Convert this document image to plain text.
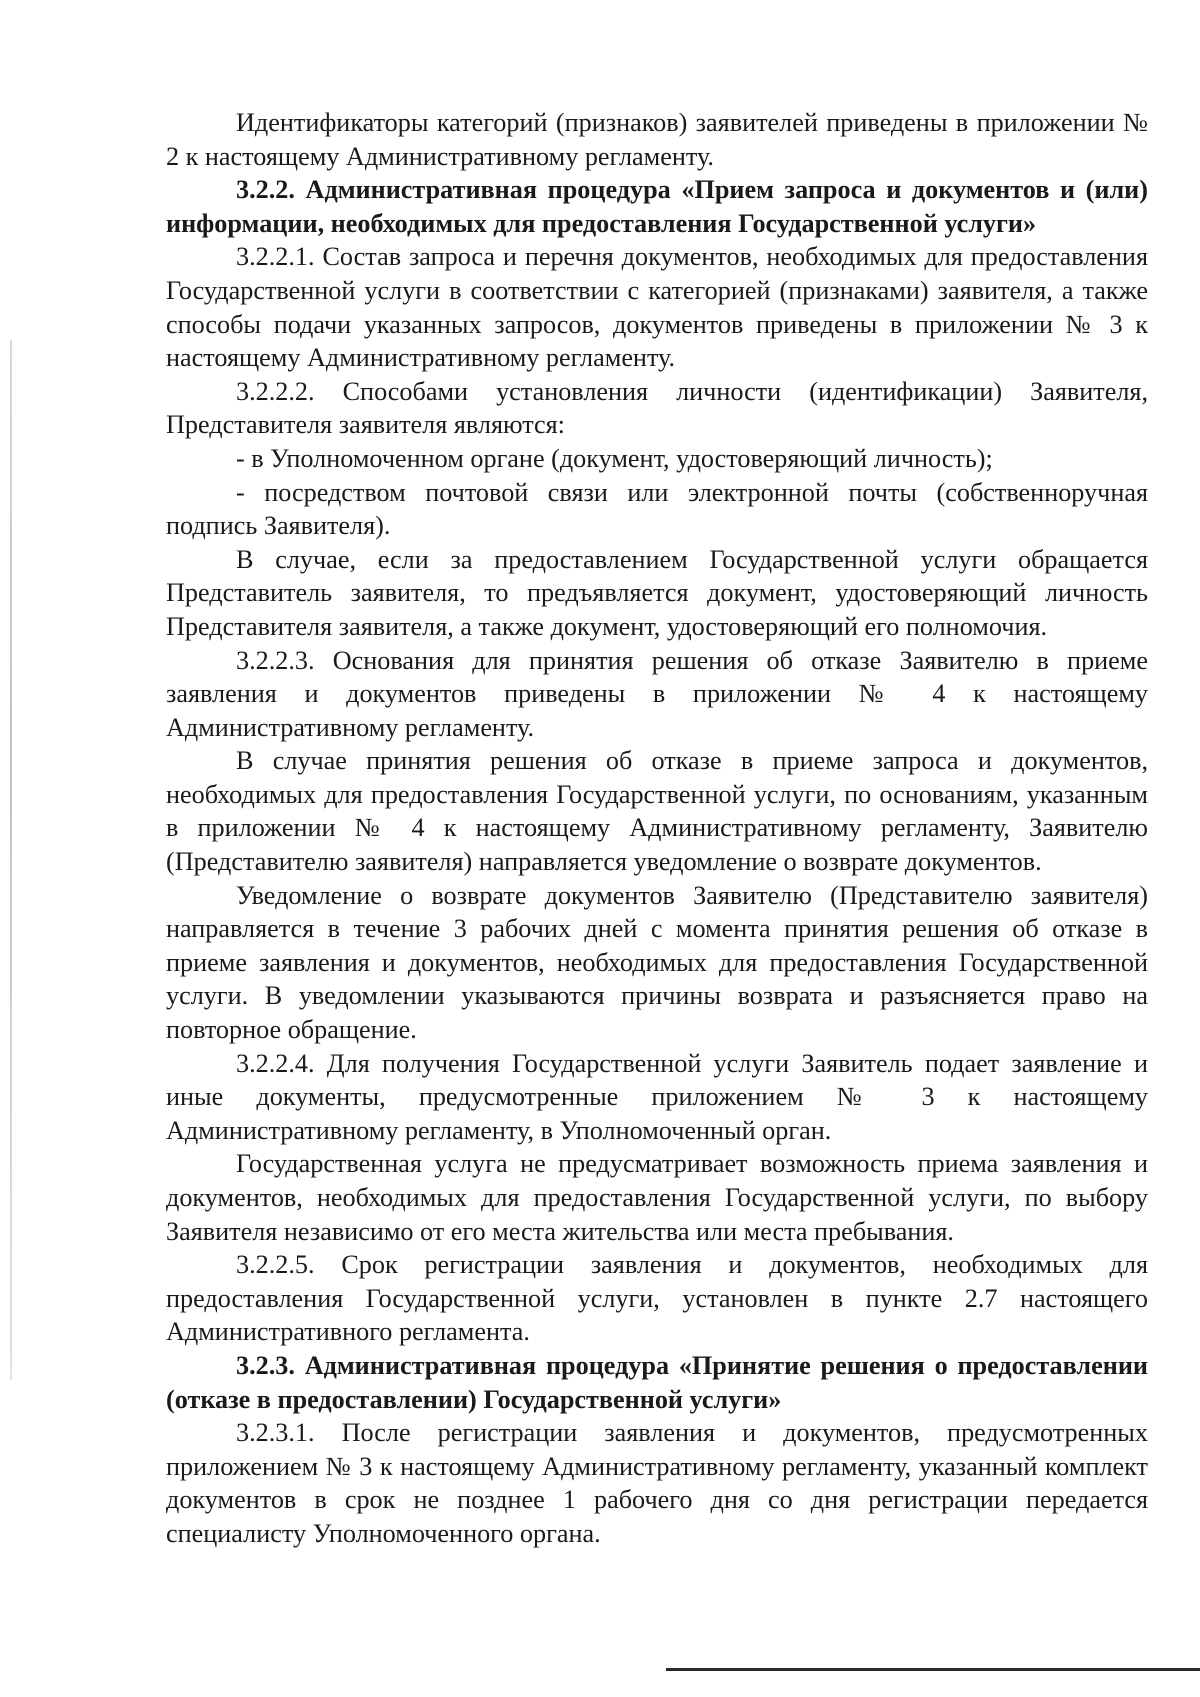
Идентификаторы категорий (признаков) заявителей приведены в приложении № 2 к настоящему Административному регламенту.

3.2.2. Административная процедура «Прием запроса и документов и (или) информации, необходимых для предоставления Государственной услуги»

3.2.2.1. Состав запроса и перечня документов, необходимых для предоставления Государственной услуги в соответствии с категорией (признаками) заявителя, а также способы подачи указанных запросов, документов приведены в приложении № 3 к настоящему Административному регламенту.

3.2.2.2. Способами установления личности (идентификации) Заявителя, Представителя заявителя являются:

- в Уполномоченном органе (документ, удостоверяющий личность);

- посредством почтовой связи или электронной почты (собственноручная подпись Заявителя).

В случае, если за предоставлением Государственной услуги обращается Представитель заявителя, то предъявляется документ, удостоверяющий личность Представителя заявителя, а также документ, удостоверяющий его полномочия.

3.2.2.3. Основания для принятия решения об отказе Заявителю в приеме заявления и документов приведены в приложении № 4 к настоящему Административному регламенту.

В случае принятия решения об отказе в приеме запроса и документов, необходимых для предоставления Государственной услуги, по основаниям, указанным в приложении № 4 к настоящему Административному регламенту, Заявителю (Представителю заявителя) направляется уведомление о возврате документов.

Уведомление о возврате документов Заявителю (Представителю заявителя) направляется в течение 3 рабочих дней с момента принятия решения об отказе в приеме заявления и документов, необходимых для предоставления Государственной услуги. В уведомлении указываются причины возврата и разъясняется право на повторное обращение.

3.2.2.4. Для получения Государственной услуги Заявитель подает заявление и иные документы, предусмотренные приложением № 3 к настоящему Административному регламенту, в Уполномоченный орган.

Государственная услуга не предусматривает возможность приема заявления и документов, необходимых для предоставления Государственной услуги, по выбору Заявителя независимо от его места жительства или места пребывания.

3.2.2.5. Срок регистрации заявления и документов, необходимых для предоставления Государственной услуги, установлен в пункте 2.7 настоящего Административного регламента.

3.2.3. Административная процедура «Принятие решения о предоставлении (отказе в предоставлении) Государственной услуги»

3.2.3.1. После регистрации заявления и документов, предусмотренных приложением № 3 к настоящему Административному регламенту, указанный комплект документов в срок не позднее 1 рабочего дня со дня регистрации передается специалисту Уполномоченного органа.
